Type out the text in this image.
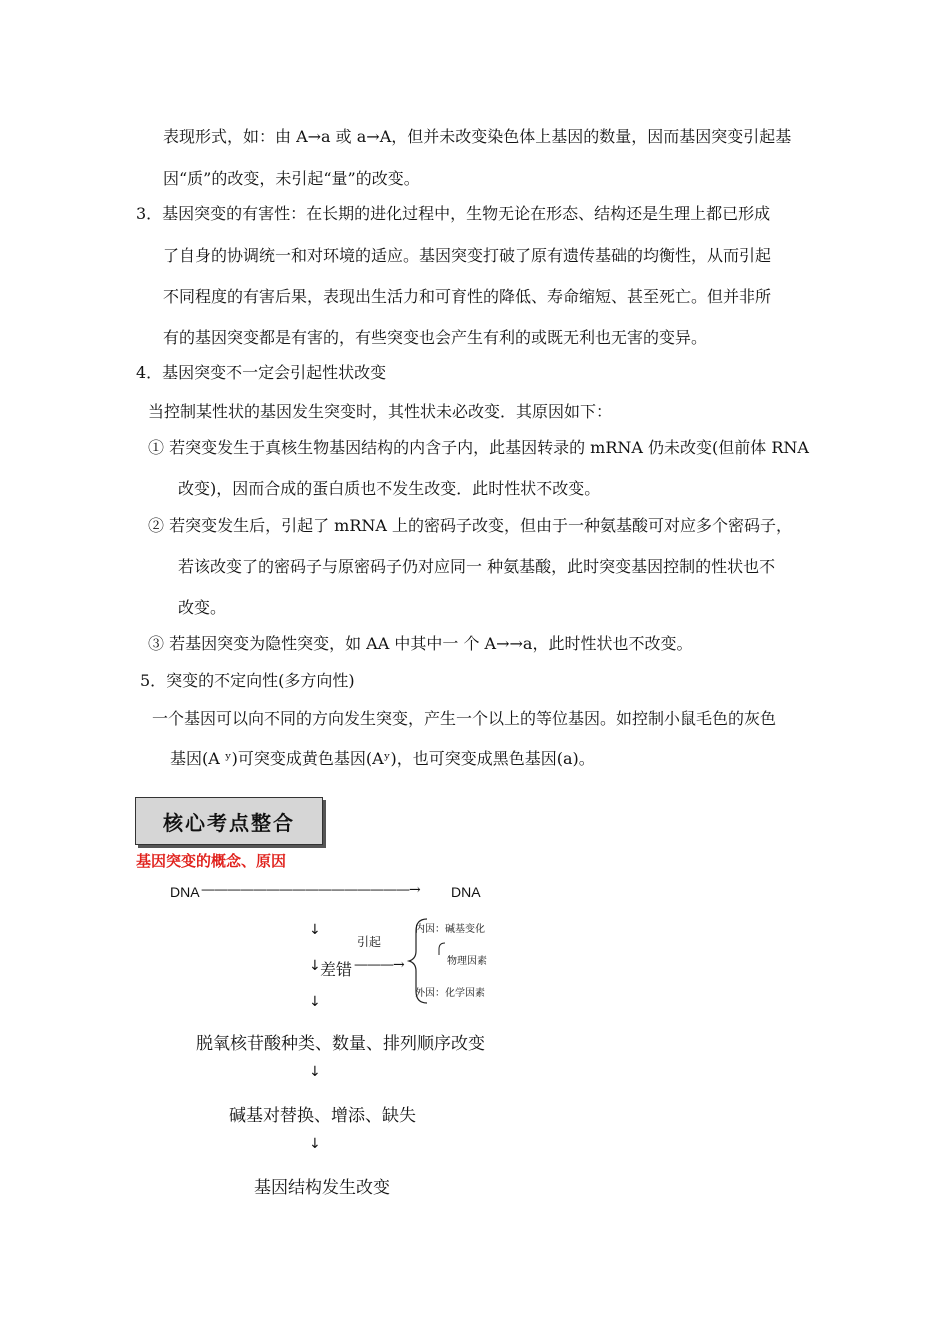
表现形式，如：由 A→a 或 a→A，但并未改变染色体上基因的数量，因而基因突变引起基
因“质”的改变，未引起“量”的改变。
3．基因突变的有害性：在长期的进化过程中，生物无论在形态、结构还是生理上都已形成
了自身的协调统一和对环境的适应。基因突变打破了原有遗传基础的均衡性，从而引起
不同程度的有害后果，表现出生活力和可育性的降低、寿命缩短、甚至死亡。但并非所
有的基因突变都是有害的，有些突变也会产生有利的或既无利也无害的变异。
4．基因突变不一定会引起性状改变
当控制某性状的基因发生突变时，其性状未必改变．其原因如下：
① 若突变发生于真核生物基因结构的内含子内，此基因转录的 mRNA 仍未改变(但前体 RNA
改变)，因而合成的蛋白质也不发生改变．此时性状不改变。
② 若突变发生后，引起了 mRNA 上的密码子改变，但由于一种氨基酸可对应多个密码子，
若该改变了的密码子与原密码子仍对应同一 种氨基酸，此时突变基因控制的性状也不
改变。
③ 若基因突变为隐性突变，如 AA 中其中一 个 A→→a，此时性状也不改变。
5．突变的不定向性(多方向性)
一个基因可以向不同的方向发生突变，产生一个以上的等位基因。如控制小鼠毛色的灰色
基因(A ʸ)可突变成黄色基因(Aʸ)，也可突变成黑色基因(a)。
核心考点整合
基因突变的概念、原因
DNA ————————————————→ DNA
↓
引起
↓ 差错 ———→
内因：碱基变化
物理因素
外因：化学因素
↓
脱氧核苷酸种类、数量、排列顺序改变
↓
碱基对替换、增添、缺失
↓
基因结构发生改变
